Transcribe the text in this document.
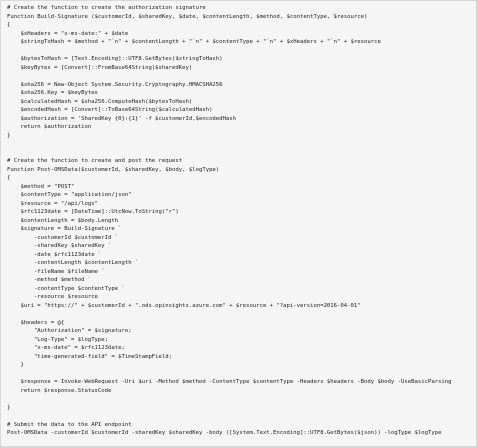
# Create the function to create the authorization signature
Function Build-Signature ($customerId, $sharedKey, $date, $contentLength, $method, $contentType, $resource)
{
$xHeaders = "x-ms-date:" + $date
$stringToHash = $method + "`n" + $contentLength + "`n" + $contentType + "`n" + $xHeaders + "`n" + $resource
$bytesToHash = [Text.Encoding]::UTF8.GetBytes($stringToHash)
$keyBytes = [Convert]::FromBase64String($sharedKey)
$sha256 = New-Object System.Security.Cryptography.HMACSHA256
$sha256.Key = $keyBytes
$calculatedHash = $sha256.ComputeHash($bytesToHash)
$encodedHash = [Convert]::ToBase64String($calculatedHash)
$authorization = 'SharedKey {0}:{1}' -f $customerId,$encodedHash
return $authorization
}
# Create the function to create and post the request
Function Post-OMSData($customerId, $sharedKey, $body, $logType)
{
$method = "POST"
$contentType = "application/json"
$resource = "/api/logs"
$rfc1123date = [DateTime]::UtcNow.ToString("r")
$contentLength = $body.Length
$signature = Build-Signature `
-customerId $customerId `
-sharedKey $sharedKey `
-date $rfc1123date `
-contentLength $contentLength `
-fileName $fileName `
-method $method `
-contentType $contentType `
-resource $resource
$uri = "https://" + $customerId + ".ods.opinsights.azure.com" + $resource + "?api-version=2016-04-01"
$headers = @{
"Authorization" = $signature;
"Log-Type" = $logType;
"x-ms-date" = $rfc1123date;
"time-generated-field" = $TimeStampField;
}
$response = Invoke-WebRequest -Uri $uri -Method $method -ContentType $contentType -Headers $headers -Body $body -UseBasicParsing
return $response.StatusCode
}
# Submit the data to the API endpoint
Post-OMSData -customerId $customerId -sharedKey $sharedKey -body ([System.Text.Encoding]::UTF8.GetBytes($json)) -logType $logType
